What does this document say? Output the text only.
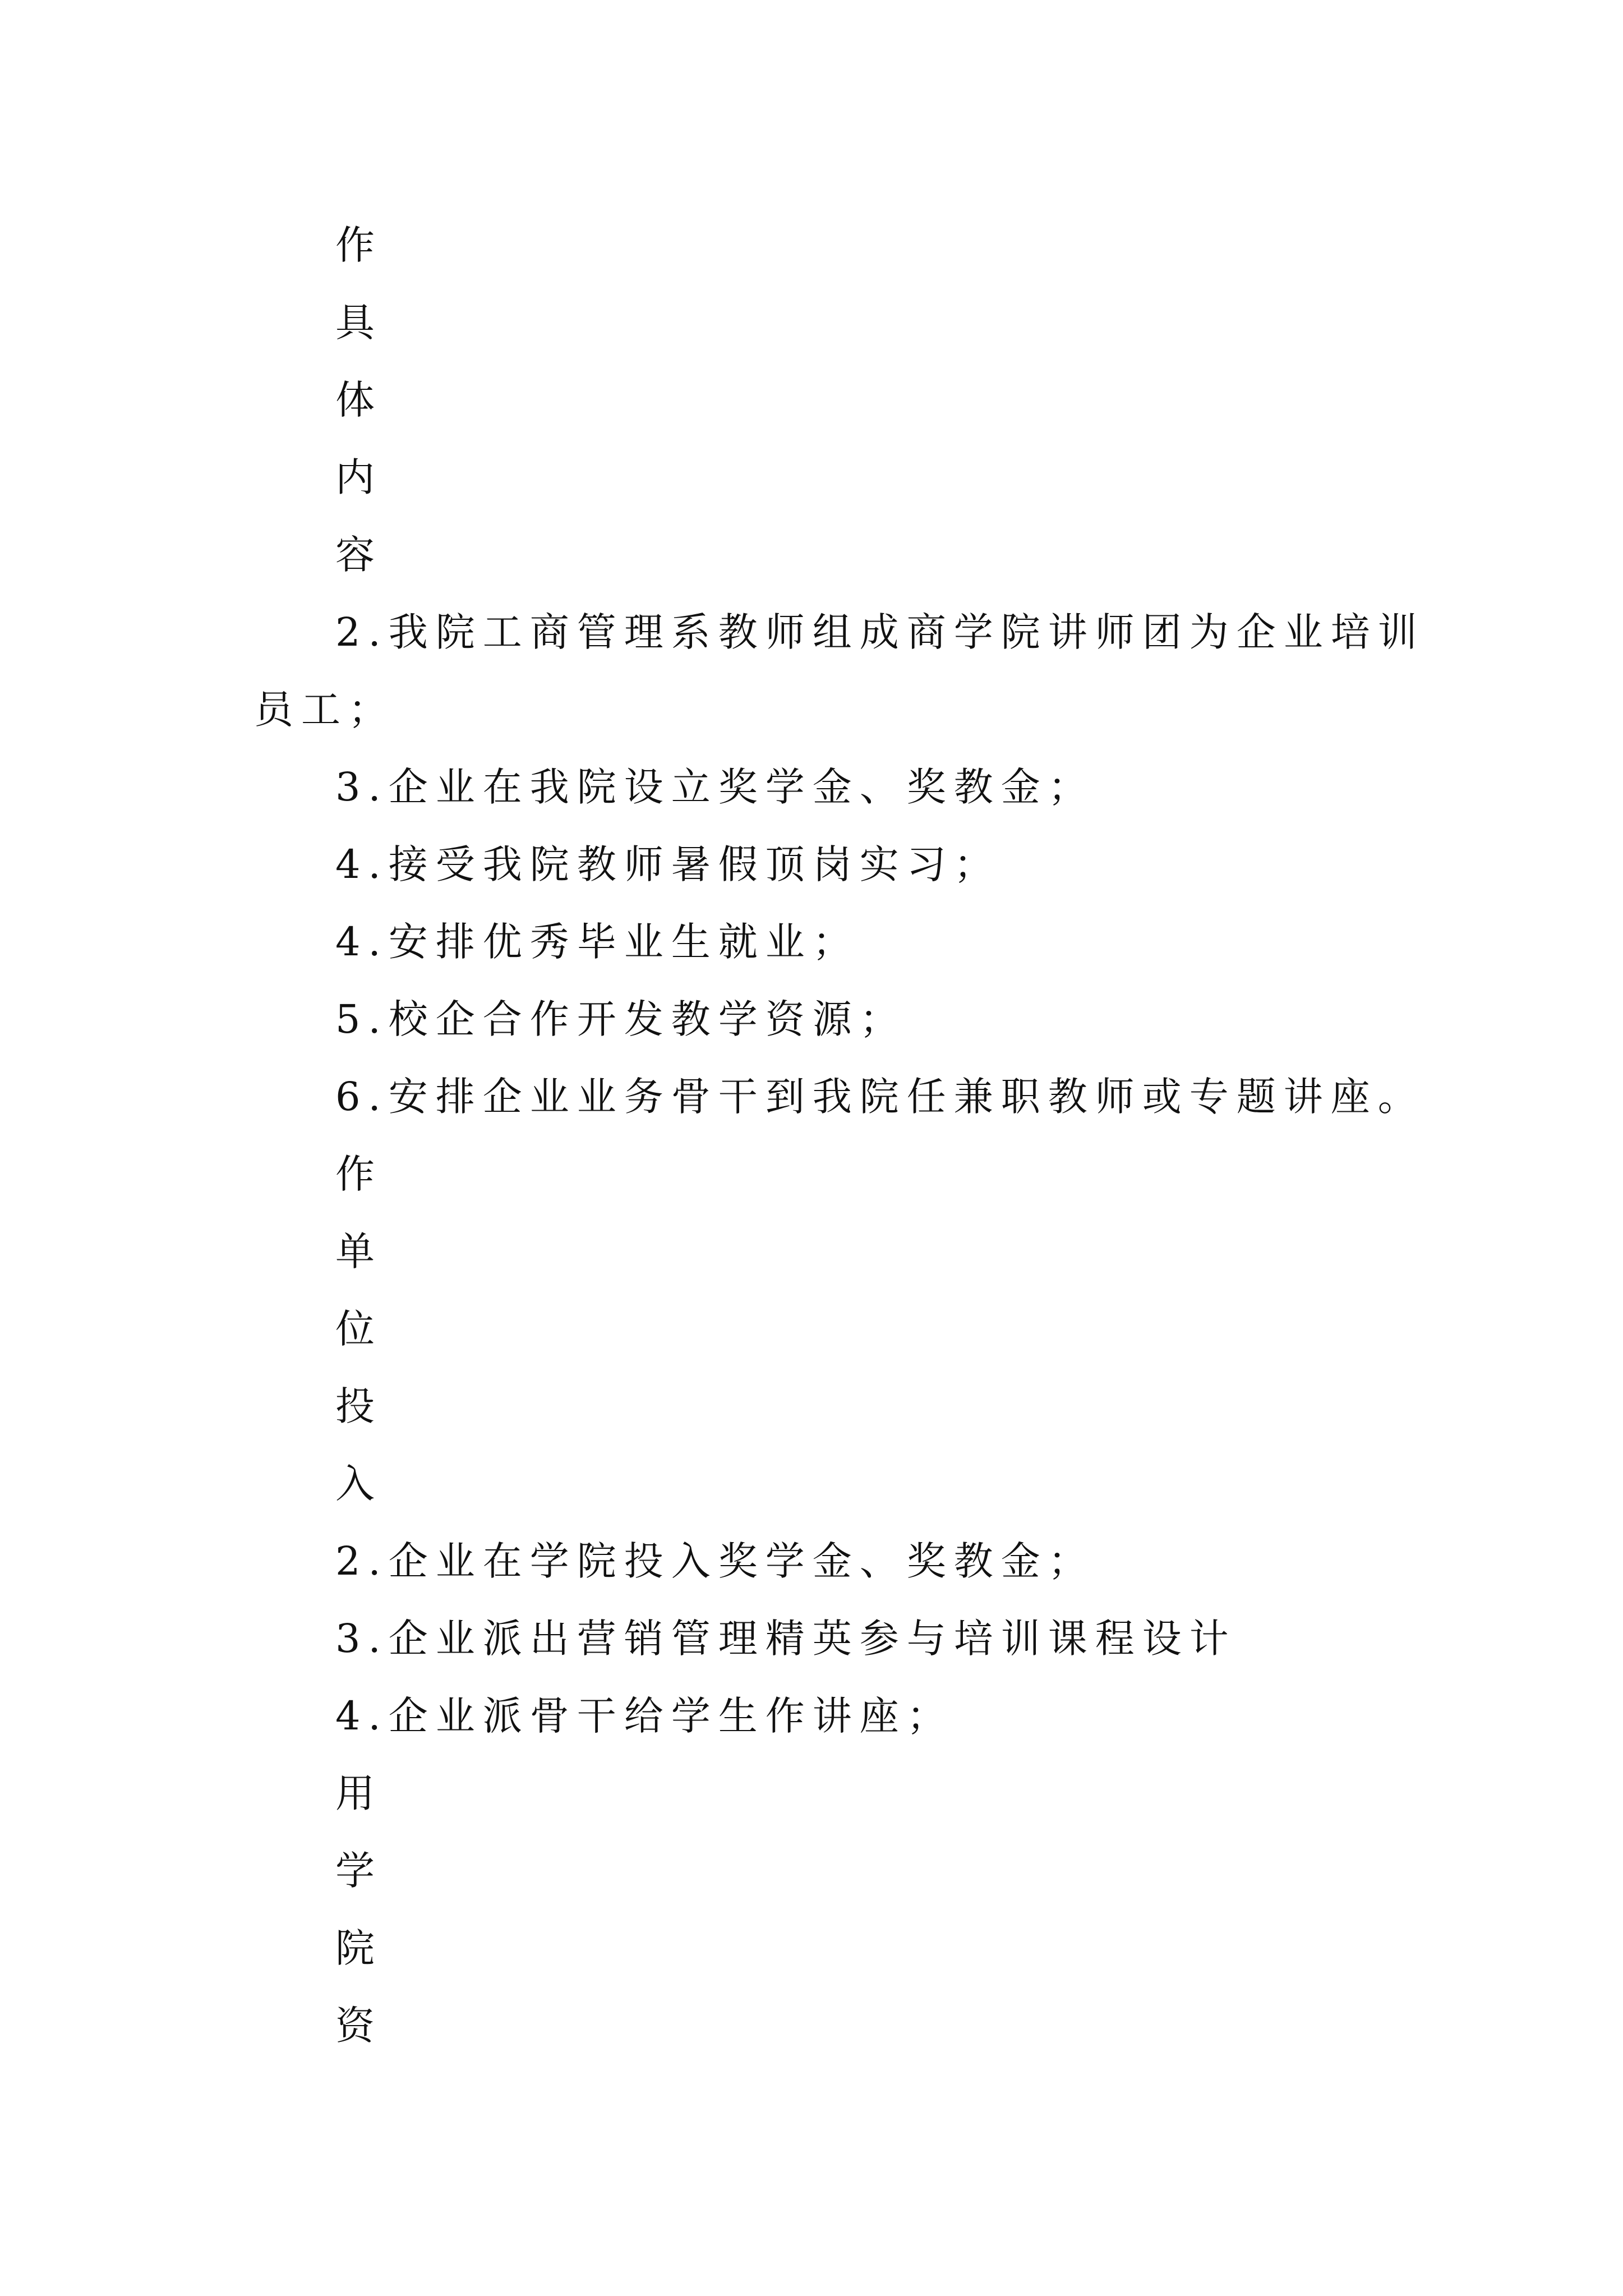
作
具
体
内
容
2.我院工商管理系教师组成商学院讲师团为企业培训
员工；
3.企业在我院设立奖学金、奖教金；
4.接受我院教师暑假顶岗实习；
4.安排优秀毕业生就业；
5.校企合作开发教学资源；
6.安排企业业务骨干到我院任兼职教师或专题讲座。
作
单
位
投
入
2.企业在学院投入奖学金、奖教金；
3.企业派出营销管理精英参与培训课程设计
4.企业派骨干给学生作讲座；
用
学
院
资
